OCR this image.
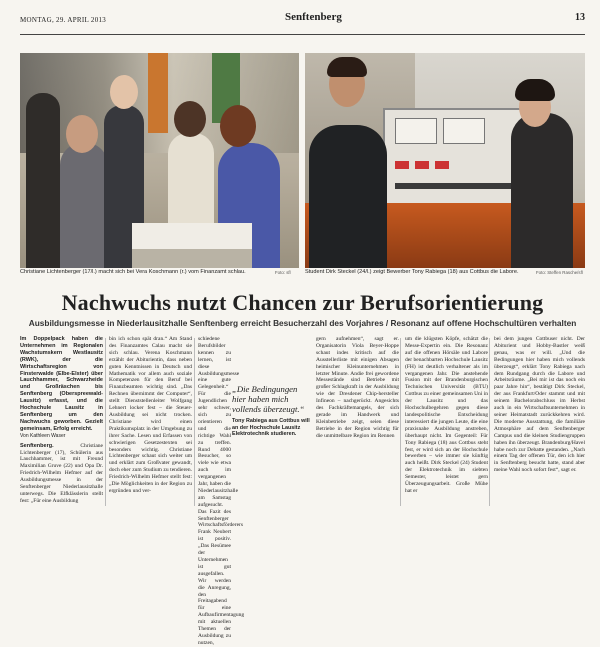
MONTAG, 29. APRIL 2013	Senftenberg	13
Christiane Lichtenberger (17/l.) macht sich bei Vera Koschmann (r.) vom Finanzamt schlau.	Foto: sfl	Student Dirk Steckel (24/l.) zeigt Bewerber Tony Rabiega (18) aus Cottbus die Labore.	Foto: Steffen Rasche/sfl
Nachwuchs nutzt Chancen zur Berufsorientierung
Ausbildungsmesse in Niederlausitzhalle Senftenberg erreicht Besucherzahl des Vorjahres / Resonanz auf offene Hochschultüren verhalten

Im Doppelpack haben die Unternehmen im Regionalen Wachstumskern Westlausitz (RWK), der die Wirtschaftsregion von Finsterwalde (Elbe-Elster) über Lauchhammer, Schwarzheide und Großräschen bis Senftenberg (Oberspreewald-Lausitz) erfasst, und die Hochschule Lausitz in Senftenberg um den Nachwuchs geworben. Gezielt gemeinsam, Erfolg erreicht.

Von Kathleen Waser

Senftenberg.	Christiane Lichtenberger (17), Schülerin aus Lauchhammer, ist mit Freund Maximilian Gruve (22) und Opa Dr. Friedrich-Wilhelm Hefmer auf der Ausbildungsmesse in der Senftenberger Niederlausitzhalle unterwegs. Die Elfklässlerin stellt fest: „Für eine Ausbildung

bin ich schon spät dran.“ Am Stand des Finanzamtes Calau macht sie sich schlau. Verena Koschmann erzählt der Abiturientin, dass neben guten Kenntnissen in Deutsch und Mathematik vor allem auch soziale Kompetenzen für den Beruf bei Finanzbeamten wichtig sind. „Das Rechnen übernimmt der Computer“, stellt Dienststellenleiter Wolfgang Lehnert locker fest – die Steuer-Ausbildung sei nicht trocken. Christiane wird einen Praktikumsplatz in der Umgebung zu ihrer Sache. Lesen und Erfassen von schwierigen Gesetzestexten sei besonders wichtig. Christiane Lichtenberger schaut sich weiter um und erklärt zum Großvater gewandt, doch eher zum Studium zu tendieren. Friedrich-Wilhelm Hefmer stellt fest: „Die Möglichkeiten in der Region zu ergründen und ver-

schiedene Berufsbilder kennen zu lernen, ist diese Ausbildungsmesse eine gute Gelegenheit.“ Für die Jugendlichen sehr schwer, sich zu orientieren und die richtige Wahl zu treffen. Rund 4000 Besucher, so viele wie etwa auch im vergangenen Jahr, haben die Niederlausitzhalle am Samstag aufgesucht. Das Fazit des Senftenberger Wirtschaftsförderers Frank Neubert ist positiv. „Das Resümee der Unternehmen ist gut ausgefallen. Wir werden die Anregung, den Freitagabend für eine Aufbaufirmentagung mit aktuellen Themen der Ausbildung zu nutzen,

„Die Bedingungen hier haben mich vollends überzeugt.“
Tony Rabiega aus Cottbus will an der Hochschule Lausitz Elektrotechnik studieren.

gern aufnehmen“, sagt er. Organisatorin Viola Beyer-Hoppe schaut indes kritisch auf die Ausstellerliste mit einigen Absagen heimischer Kleinunternehmen in letzter Minute. Andie frei gewordene Messestände sind Betriebe mit großer Schlagkraft in der Ausbildung wie der Dresdener Chip-hersteller Infineon – nachgerückt. Angesichts des Fachkräftemangels, der sich gerade im Handwerk und Kleinbetriebe zeigt, seien diese Betriebe in der Region wichtig für die unmittelbare Region im Rennen

um die klügsten Köpfe, schätzt die Messe-Expertin ein. Die Resonanz auf die offenen Hörsäle und Labore der benachbarten Hochschule Lausitz (FH) ist deutlich verhaltener als im vergangenen Jahr. Die anstehende Fusion mit der Brandenburgischen Technischen Universität (BTU) Cottbus zu einer gemeinsamen Uni in der Lausitz und das Hochschulbegehren gegen diese landespolitische Entscheidung interessiert die jungen Leute, die eine praxisnahe Ausbildung anstreben, überhaupt nicht. Im Gegenteil: Für Tony Rabiega (18) aus Cottbus steht fest, er wird sich an der Hochschule bewerben – wie immer sie künftig auch heißt. Dirk Steckel (24) Student der Elektrotechnik im siebten Semester, leistet gern Überzeugungsarbeit. Große Mühe hat er

bei dem jungen Cottbuser nicht. Der Abiturient und Hobby-Bastler weiß genau, was er will. „Und die Bedingungen hier haben mich vollends überzeugt“, erklärt Tony Rabiega nach dem Rundgang durch die Labore und Arbeitsräume. „Bei mir ist das noch ein paar Jahre hin“, bestätigt Dirk Steckel, der aus Frankfurt/Oder stammt und mit seinem Bachelorabschluss im Herbst auch in ein Wirtschaftsunternehmen in seiner Heimatstadt zurückkehren wird. Die moderne Ausstattung, die familiäre Atmosphäre auf dem Senftenberger Campus und die kleinen Studiengruppen haben ihn überzeugt. Brandenburg/Havel habe noch zur Debatte gestanden. „Nach einem Tag der offenen Tür, den ich hier in Senftenberg besucht hatte, stand aber meine Wahl noch sofort fest“, sagt er.
